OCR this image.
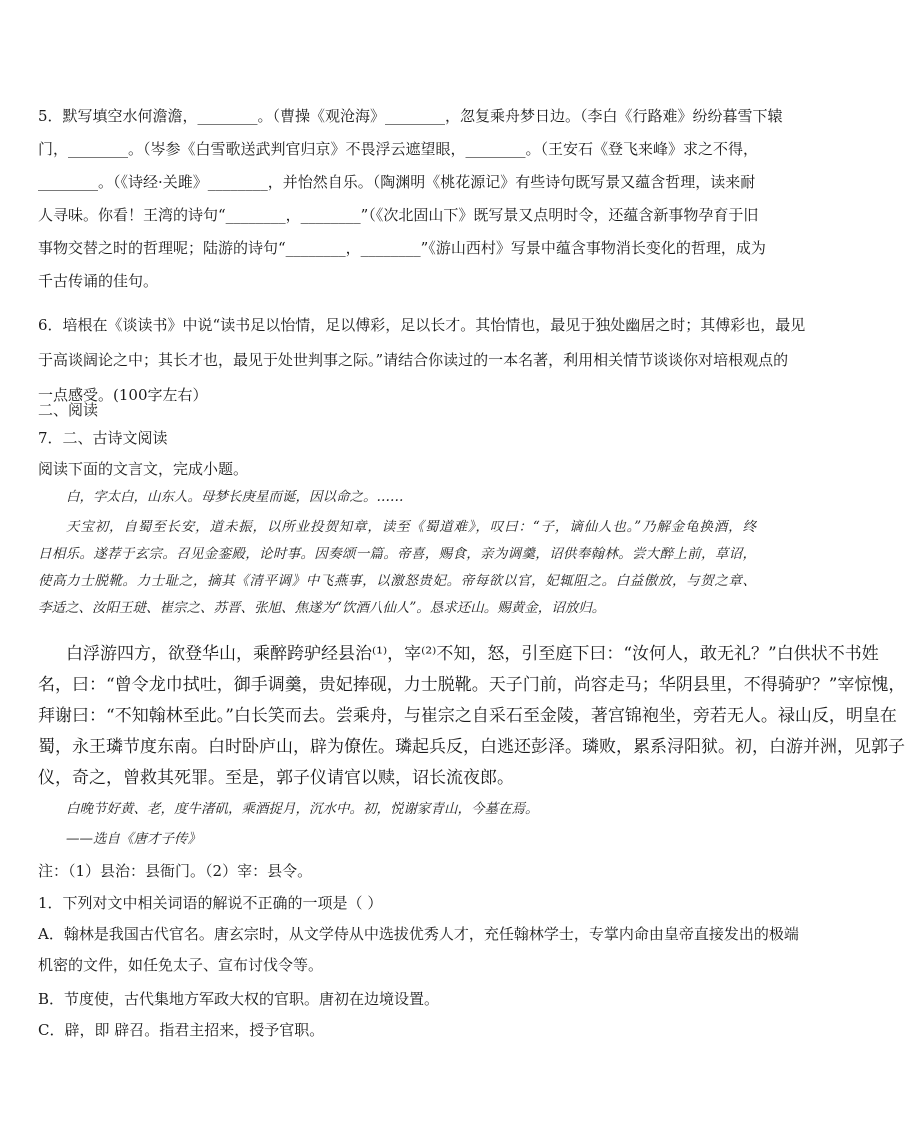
5．默写填空水何澹澹，________。（曹操《观沧海》________，忽复乘舟梦日边。（李白《行路难》纷纷暮雪下辕
门，________。（岑参《白雪歌送武判官归京》不畏浮云遮望眼，________。（王安石《登飞来峰》求之不得，
________。（《诗经·关雎》________，并怡然自乐。（陶渊明《桃花源记》有些诗句既写景又蕴含哲理，读来耐
人寻味。你看！王湾的诗句“________，________”（《次北固山下》既写景又点明时令，还蕴含新事物孕育于旧
事物交替之时的哲理呢；陆游的诗句“________，________”《游山西村》写景中蕴含事物消长变化的哲理，成为
千古传诵的佳句。
6．培根在《谈读书》中说“读书足以怡情，足以傅彩，足以长才。其怡情也，最见于独处幽居之时；其傅彩也，最见
于高谈阔论之中；其长才也，最见于处世判事之际。”请结合你读过的一本名著，利用相关情节谈谈你对培根观点的
一点感受。(100字左右）
二、阅读
7．二、古诗文阅读
阅读下面的文言文，完成小题。
白，字太白，山东人。母梦长庚星而诞，因以命之。……
天宝初，自蜀至长安，道未振，以所业投贺知章，读至《蜀道难》，叹曰：“子，谪仙人也。”乃解金龟换酒，终
日相乐。遂荐于玄宗。召见金銮殿，论时事。因奏颂一篇。帝喜，赐食，亲为调羹，诏供奉翰林。尝大醉上前，草诏，
使高力士脱靴。力士耻之，摘其《清平调》中飞燕事，以激怒贵妃。帝每欲以官，妃辄阻之。白益傲放，与贺之章、
李适之、汝阳王琎、崔宗之、苏晋、张旭、焦遂为“饮酒八仙人”。恳求还山。赐黄金，诏放归。
白浮游四方，欲登华山，乘醉跨驴经县治⁽¹⁾，宰⁽²⁾不知，怒，引至庭下曰：“汝何人，敢无礼？”白供状不书姓
名，曰：“曾令龙巾拭吐，御手调羹，贵妃捧砚，力士脱靴。天子门前，尚容走马；华阴县里，不得骑驴？”宰惊愧，
拜谢曰：“不知翰林至此。”白长笑而去。尝乘舟，与崔宗之自采石至金陵，著宫锦袍坐，旁若无人。禄山反，明皇在
蜀，永王璘节度东南。白时卧庐山，辟为僚佐。璘起兵反，白逃还彭泽。璘败，累系浔阳狱。初，白游并洲，见郭子
仪，奇之，曾救其死罪。至是，郭子仪请官以赎，诏长流夜郎。
白晚节好黄、老，度牛渚矶，乘酒捉月，沉水中。初，悦谢家青山，今墓在焉。
——选自《唐才子传》
注：（1）县治：县衙门。（2）宰：县令。
1．下列对文中相关词语的解说不正确的一项是（ ）
A．翰林是我国古代官名。唐玄宗时，从文学侍从中选拔优秀人才，充任翰林学士，专掌内命由皇帝直接发出的极端
机密的文件，如任免太子、宣布讨伐令等。
B．节度使，古代集地方军政大权的官职。唐初在边境设置。
C．辟，即 辟召。指君主招来，授予官职。
